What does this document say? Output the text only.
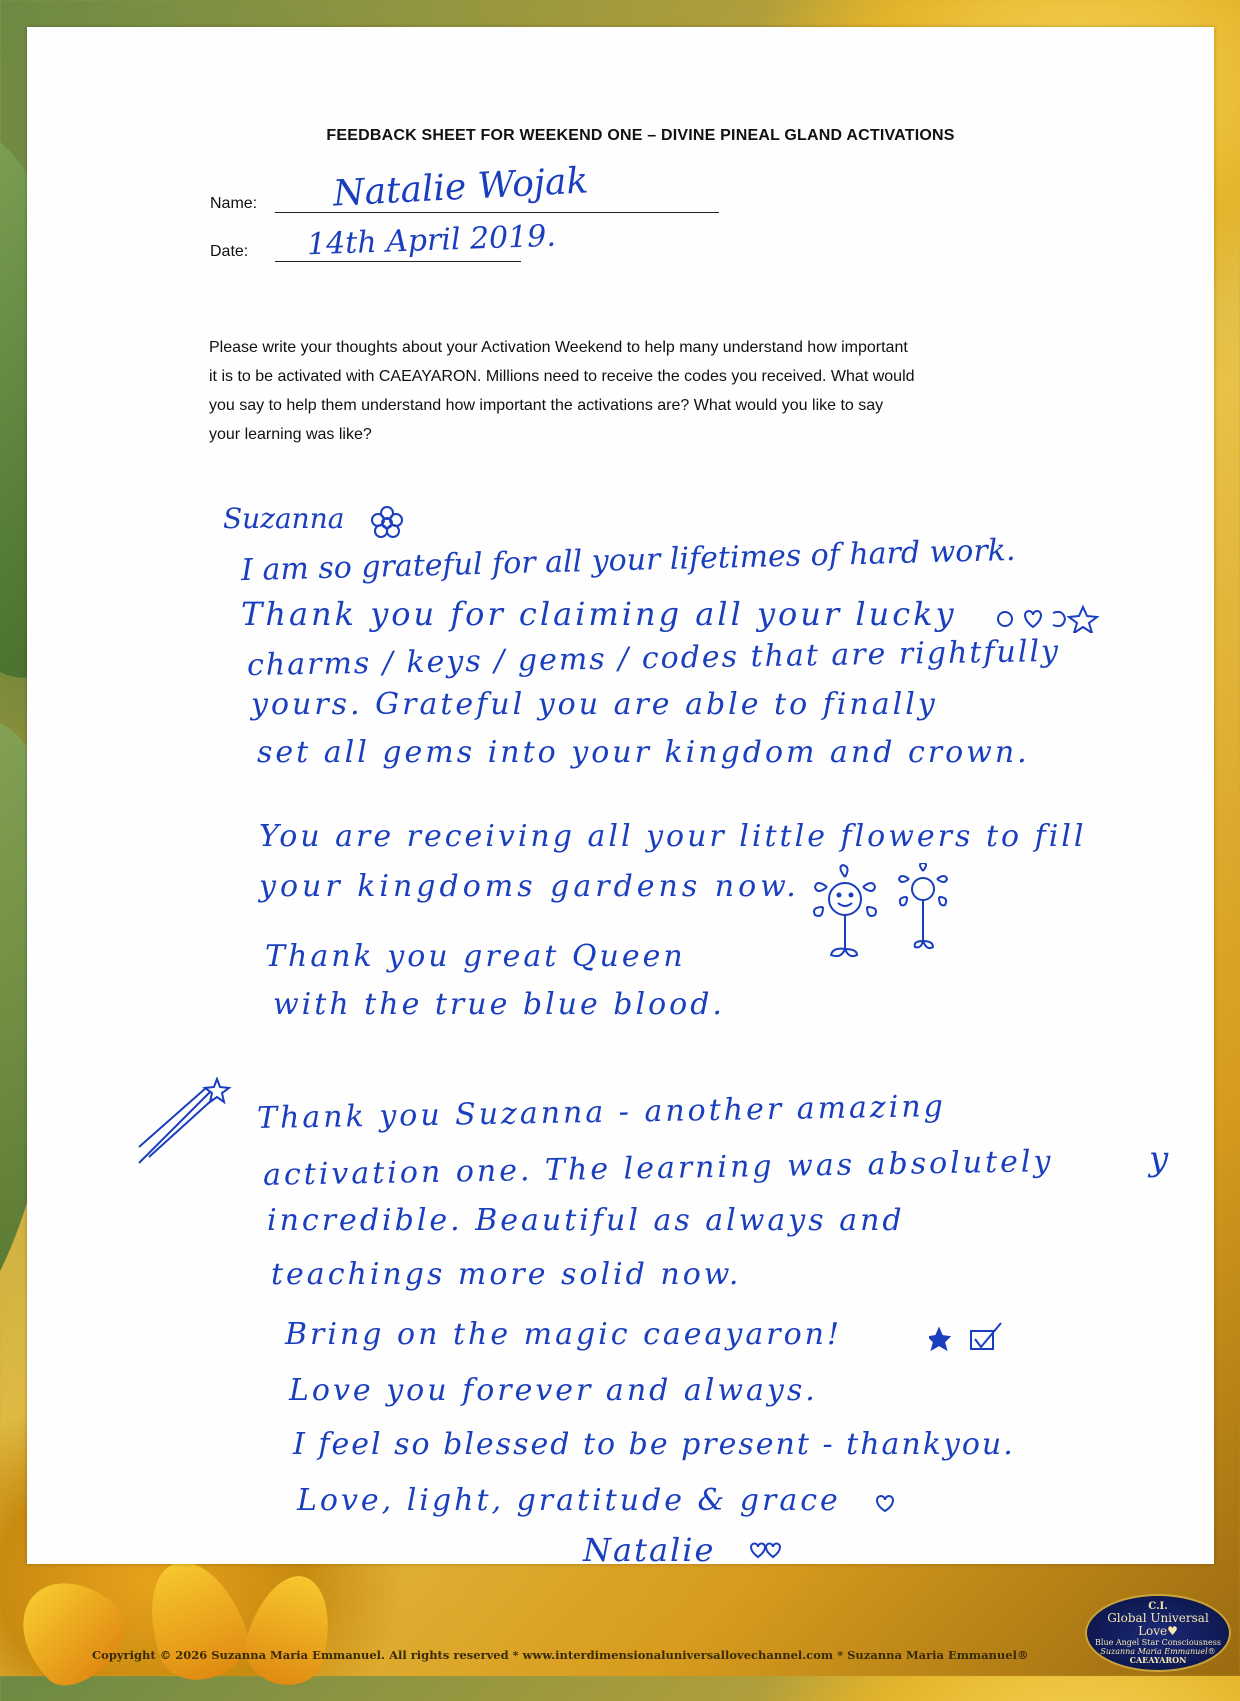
FEEDBACK SHEET FOR WEEKEND ONE – DIVINE PINEAL GLAND ACTIVATIONS
Name: Natalie Wojak
Date: 14th April 2019.
Please write your thoughts about your Activation Weekend to help many understand how important
it is to be activated with CAEAYARON. Millions need to receive the codes you received. What would
you say to help them understand how important the activations are? What would you like to say
your learning was like?
Suzanna
I am so grateful for all your lifetimes of hard work.
Thank you for claiming all your lucky
charms / keys / gems / codes that are rightfully
yours. Grateful you are able to finally
set all gems into your kingdom and crown.
You are receiving all your little flowers to fill
your kingdoms gardens now.
Thank you great Queen
with the true blue blood.
Thank you Suzanna - another amazing
activation one. The learning was absolutely	y
incredible. Beautiful as always and
teachings more solid now.
Bring on the magic caeayaron!
Love you forever and always.
I feel so blessed to be present - thankyou.
Love, light, gratitude & grace
Natalie
Copyright © 2026 Suzanna Maria Emmanuel. All rights reserved * www.interdimensionaluniversallovechannel.com * Suzanna Maria Emmanuel®
C.I.
Global Universal Love♥
Blue Angel Star Consciousness
Suzanna Maria Emmanuel®
CAEAYARON
